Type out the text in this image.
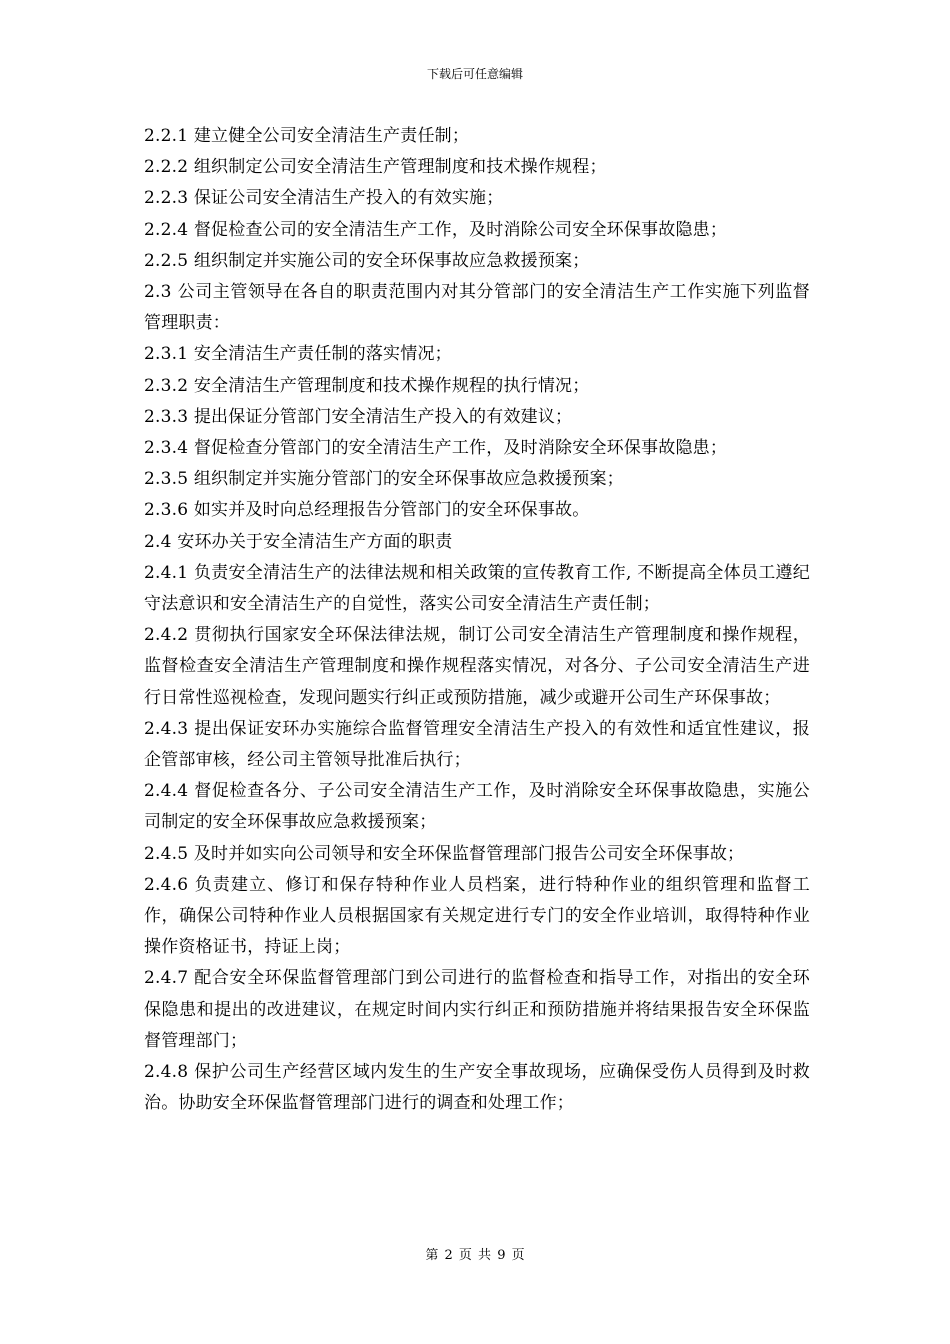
下载后可任意编辑

2.2.1 建立健全公司安全清洁生产责任制；

2.2.2 组织制定公司安全清洁生产管理制度和技术操作规程；

2.2.3 保证公司安全清洁生产投入的有效实施；

2.2.4 督促检查公司的安全清洁生产工作，及时消除公司安全环保事故隐患；

2.2.5 组织制定并实施公司的安全环保事故应急救援预案；

2.3 公司主管领导在各自的职责范围内对其分管部门的安全清洁生产工作实施下列监督管理职责：

2.3.1 安全清洁生产责任制的落实情况；

2.3.2 安全清洁生产管理制度和技术操作规程的执行情况；

2.3.3 提出保证分管部门安全清洁生产投入的有效建议；

2.3.4 督促检查分管部门的安全清洁生产工作，及时消除安全环保事故隐患；

2.3.5 组织制定并实施分管部门的安全环保事故应急救援预案；

2.3.6 如实并及时向总经理报告分管部门的安全环保事故。

2.4 安环办关于安全清洁生产方面的职责

2.4.1 负责安全清洁生产的法律法规和相关政策的宣传教育工作, 不断提高全体员工遵纪守法意识和安全清洁生产的自觉性，落实公司安全清洁生产责任制；

2.4.2 贯彻执行国家安全环保法律法规，制订公司安全清洁生产管理制度和操作规程，监督检查安全清洁生产管理制度和操作规程落实情况，对各分、子公司安全清洁生产进行日常性巡视检查，发现问题实行纠正或预防措施，减少或避开公司生产环保事故；

2.4.3 提出保证安环办实施综合监督管理安全清洁生产投入的有效性和适宜性建议，报企管部审核，经公司主管领导批准后执行；

2.4.4 督促检查各分、子公司安全清洁生产工作，及时消除安全环保事故隐患，实施公司制定的安全环保事故应急救援预案；

2.4.5 及时并如实向公司领导和安全环保监督管理部门报告公司安全环保事故；

2.4.6 负责建立、修订和保存特种作业人员档案，进行特种作业的组织管理和监督工作，确保公司特种作业人员根据国家有关规定进行专门的安全作业培训，取得特种作业操作资格证书，持证上岗；

2.4.7 配合安全环保监督管理部门到公司进行的监督检查和指导工作，对指出的安全环保隐患和提出的改进建议，在规定时间内实行纠正和预防措施并将结果报告安全环保监督管理部门；

2.4.8 保护公司生产经营区域内发生的生产安全事故现场，应确保受伤人员得到及时救治。协助安全环保监督管理部门进行的调查和处理工作；

第 2 页 共 9 页
